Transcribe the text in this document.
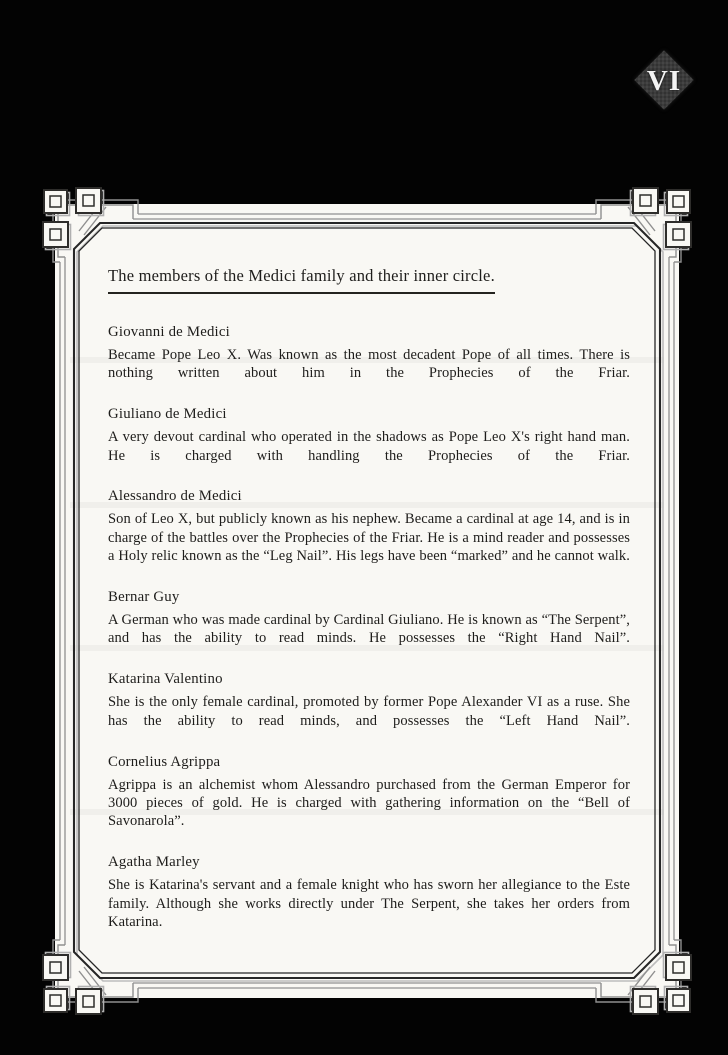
VI
The members of the Medici family and their inner circle.
Giovanni de Medici

Became Pope Leo X. Was known as the most decadent Pope of all times. There is nothing written about him in the Prophecies of the Friar.

Giuliano de Medici

A very devout cardinal who operated in the shadows as Pope Leo X's right hand man. He is charged with handling the Prophecies of the Friar.

Alessandro de Medici

Son of Leo X, but publicly known as his nephew. Became a cardinal at age 14, and is in charge of the battles over the Prophecies of the Friar. He is a mind reader and possesses a Holy relic known as the “Leg Nail”. His legs have been “marked” and he cannot walk.

Bernar Guy

A German who was made cardinal by Cardinal Giuliano. He is known as “The Serpent”, and has the ability to read minds. He possesses the “Right Hand Nail”.

Katarina Valentino

She is the only female cardinal, promoted by former Pope Alexander VI as a ruse. She has the ability to read minds, and possesses the “Left Hand Nail”.

Cornelius Agrippa

Agrippa is an alchemist whom Alessandro purchased from the German Emperor for 3000 pieces of gold. He is charged with gathering information on the “Bell of Savonarola”.

Agatha Marley

She is Katarina's servant and a female knight who has sworn her allegiance to the Este family. Although she works directly under The Serpent, she takes her orders from Katarina.
